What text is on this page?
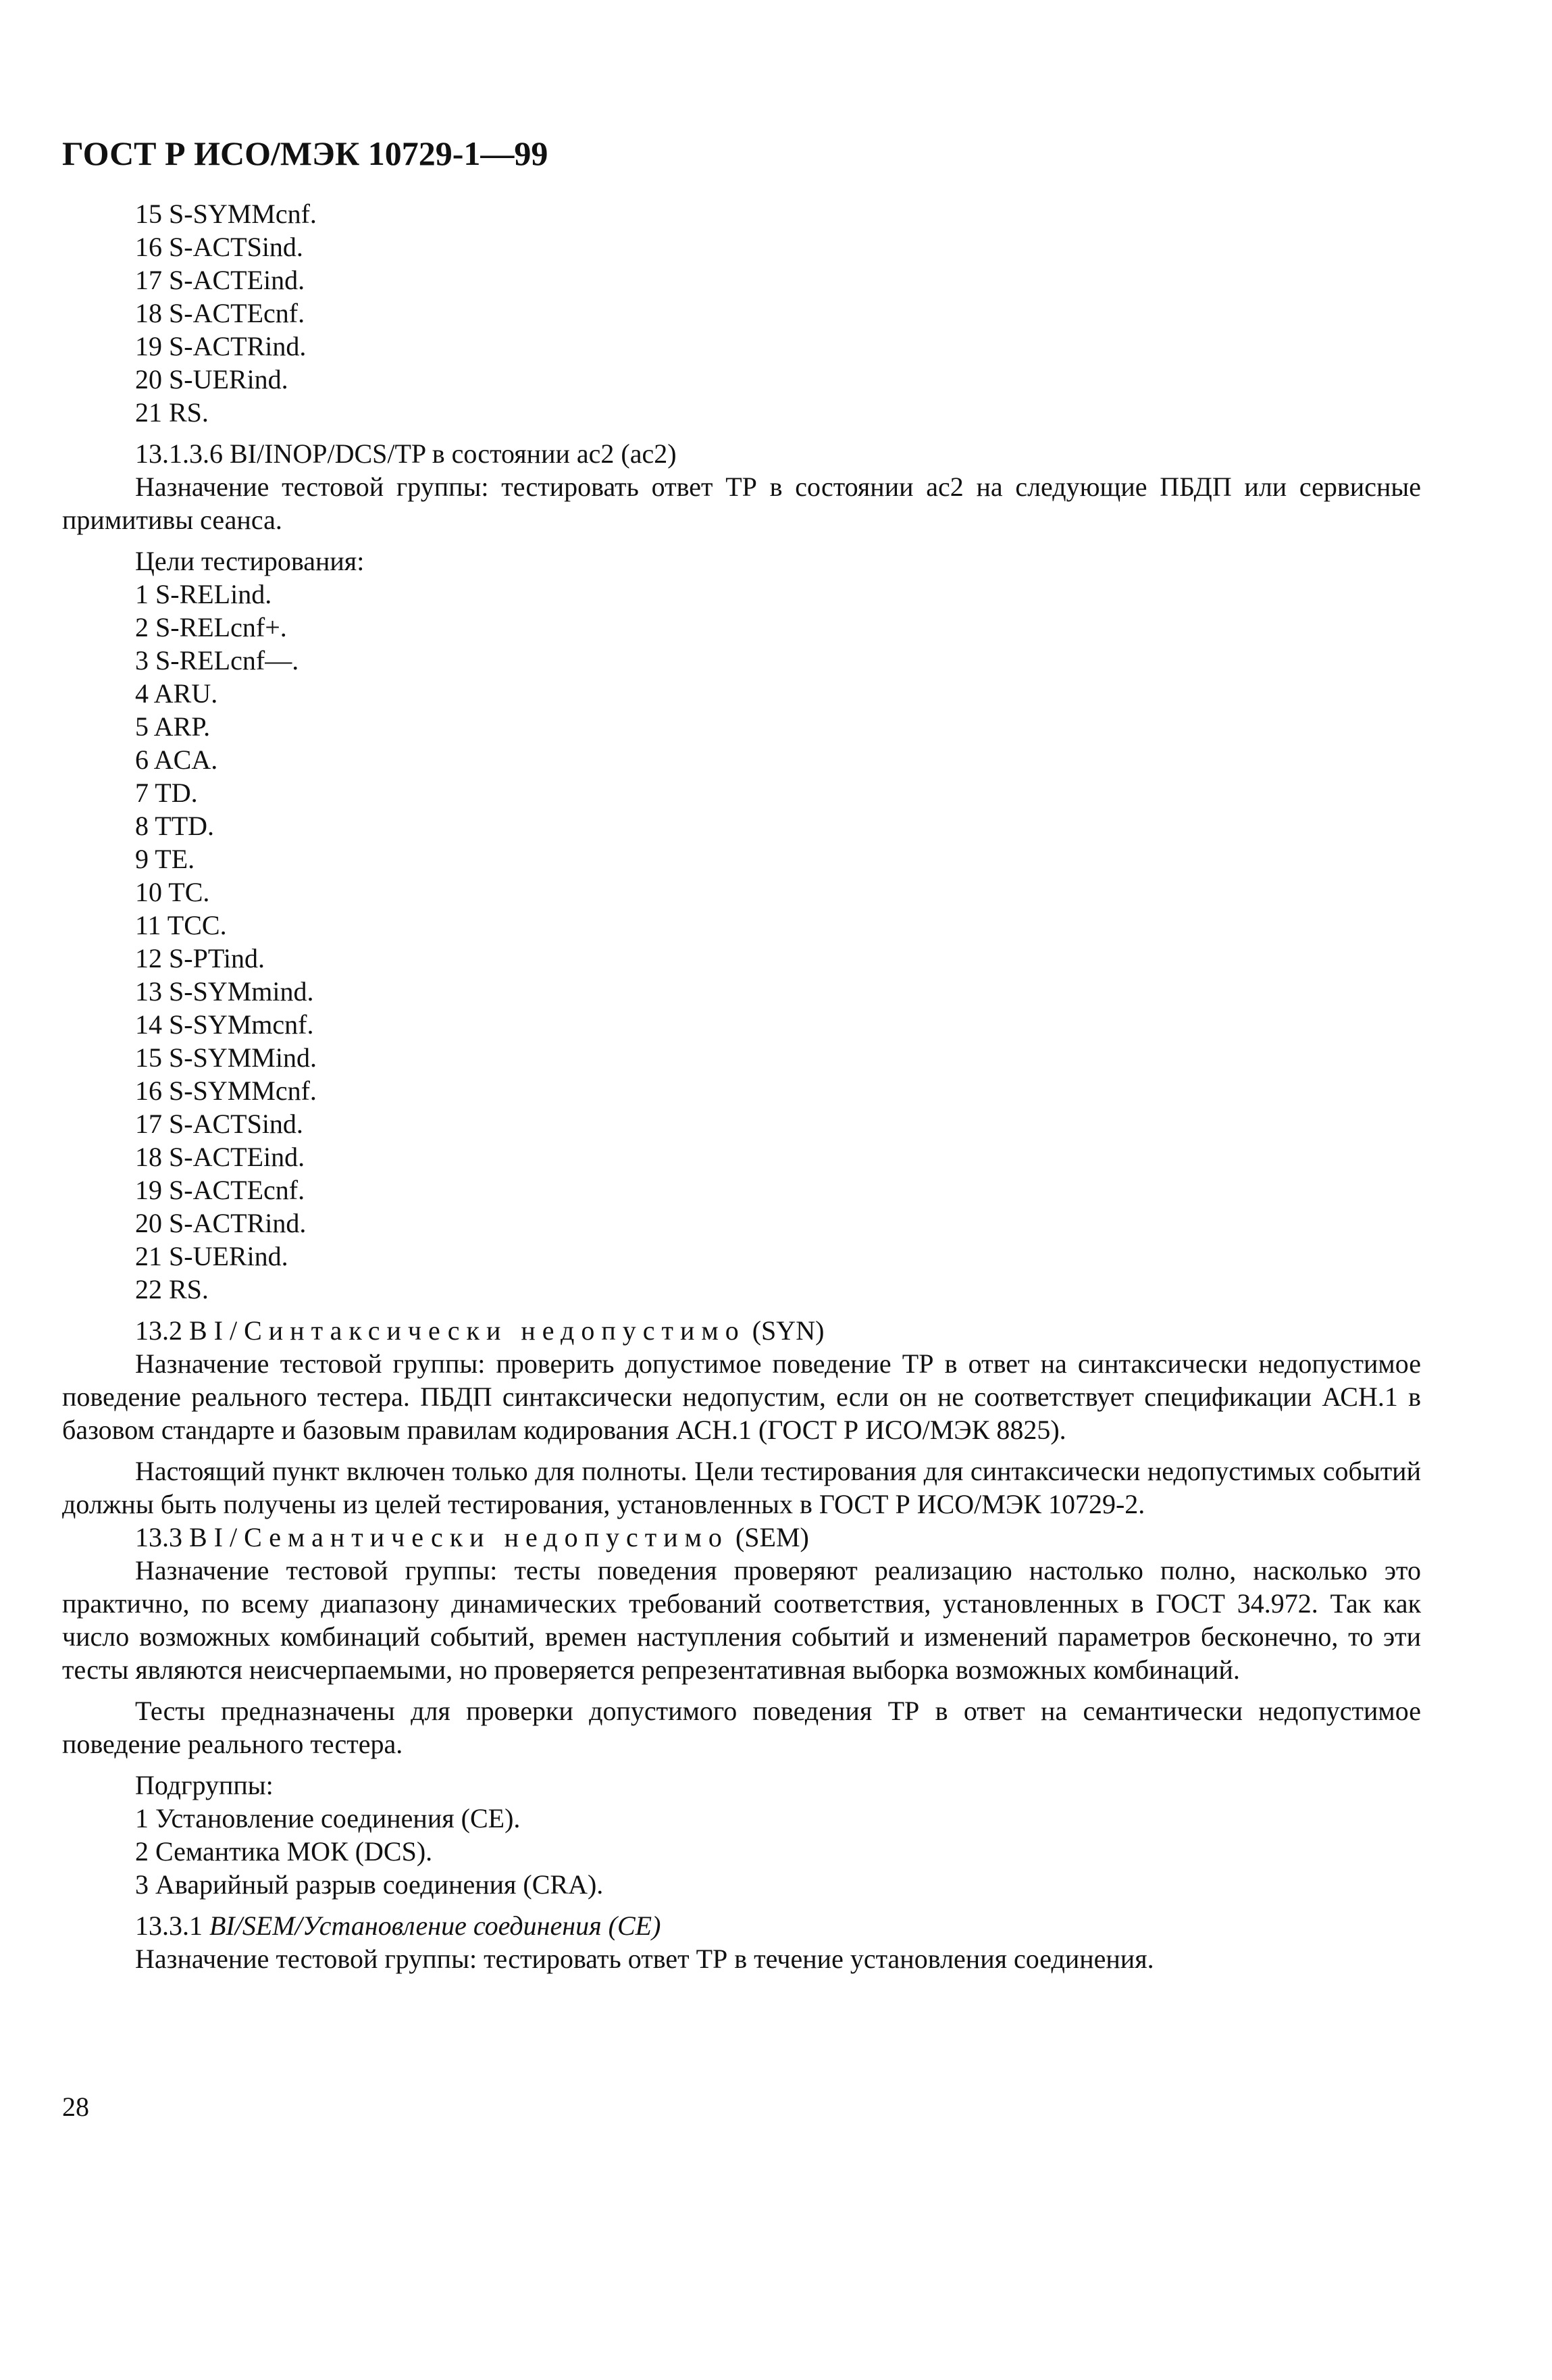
ГОСТ Р ИСО/МЭК 10729-1—99
15 S-SYMMcnf.
16 S-ACTSind.
17 S-ACTEind.
18 S-ACTEcnf.
19 S-ACTRind.
20 S-UERind.
21 RS.
13.1.3.6 BI/INOP/DCS/TP в состоянии ac2 (ac2)

Назначение тестовой группы: тестировать ответ ТР в состоянии ac2 на следующие ПБДП или сервисные примитивы сеанса.

Цели тестирования:
1 S-RELind.
2 S-RELcnf+.
3 S-RELcnf—.
4 ARU.
5 ARP.
6 ACA.
7 TD.
8 TTD.
9 TE.
10 TC.
11 TCC.
12 S-PTind.
13 S-SYMmind.
14 S-SYMmcnf.
15 S-SYMMind.
16 S-SYMMcnf.
17 S-ACTSind.
18 S-ACTEind.
19 S-ACTEcnf.
20 S-ACTRind.
21 S-UERind.
22 RS.
13.2 BI/Синтаксически недопустимо (SYN)

Назначение тестовой группы: проверить допустимое поведение ТР в ответ на синтаксически недопустимое поведение реального тестера. ПБДП синтаксически недопустим, если он не соответствует спецификации АСН.1 в базовом стандарте и базовым правилам кодирования АСН.1 (ГОСТ Р ИСО/МЭК 8825).

Настоящий пункт включен только для полноты. Цели тестирования для синтаксически недопустимых событий должны быть получены из целей тестирования, установленных в ГОСТ Р ИСО/МЭК 10729-2.

13.3 BI/Семантически недопустимо (SEM)

Назначение тестовой группы: тесты поведения проверяют реализацию настолько полно, насколько это практично, по всему диапазону динамических требований соответствия, установленных в ГОСТ 34.972. Так как число возможных комбинаций событий, времен наступления событий и изменений параметров бесконечно, то эти тесты являются неисчерпаемыми, но проверяется репрезентативная выборка возможных комбинаций.

Тесты предназначены для проверки допустимого поведения ТР в ответ на семантически недопустимое поведение реального тестера.

Подгруппы:
1 Установление соединения (CE).
2 Семантика МОК (DCS).
3 Аварийный разрыв соединения (CRA).
13.3.1 BI/SEM/Установление соединения (CE)

Назначение тестовой группы: тестировать ответ ТР в течение установления соединения.

28
